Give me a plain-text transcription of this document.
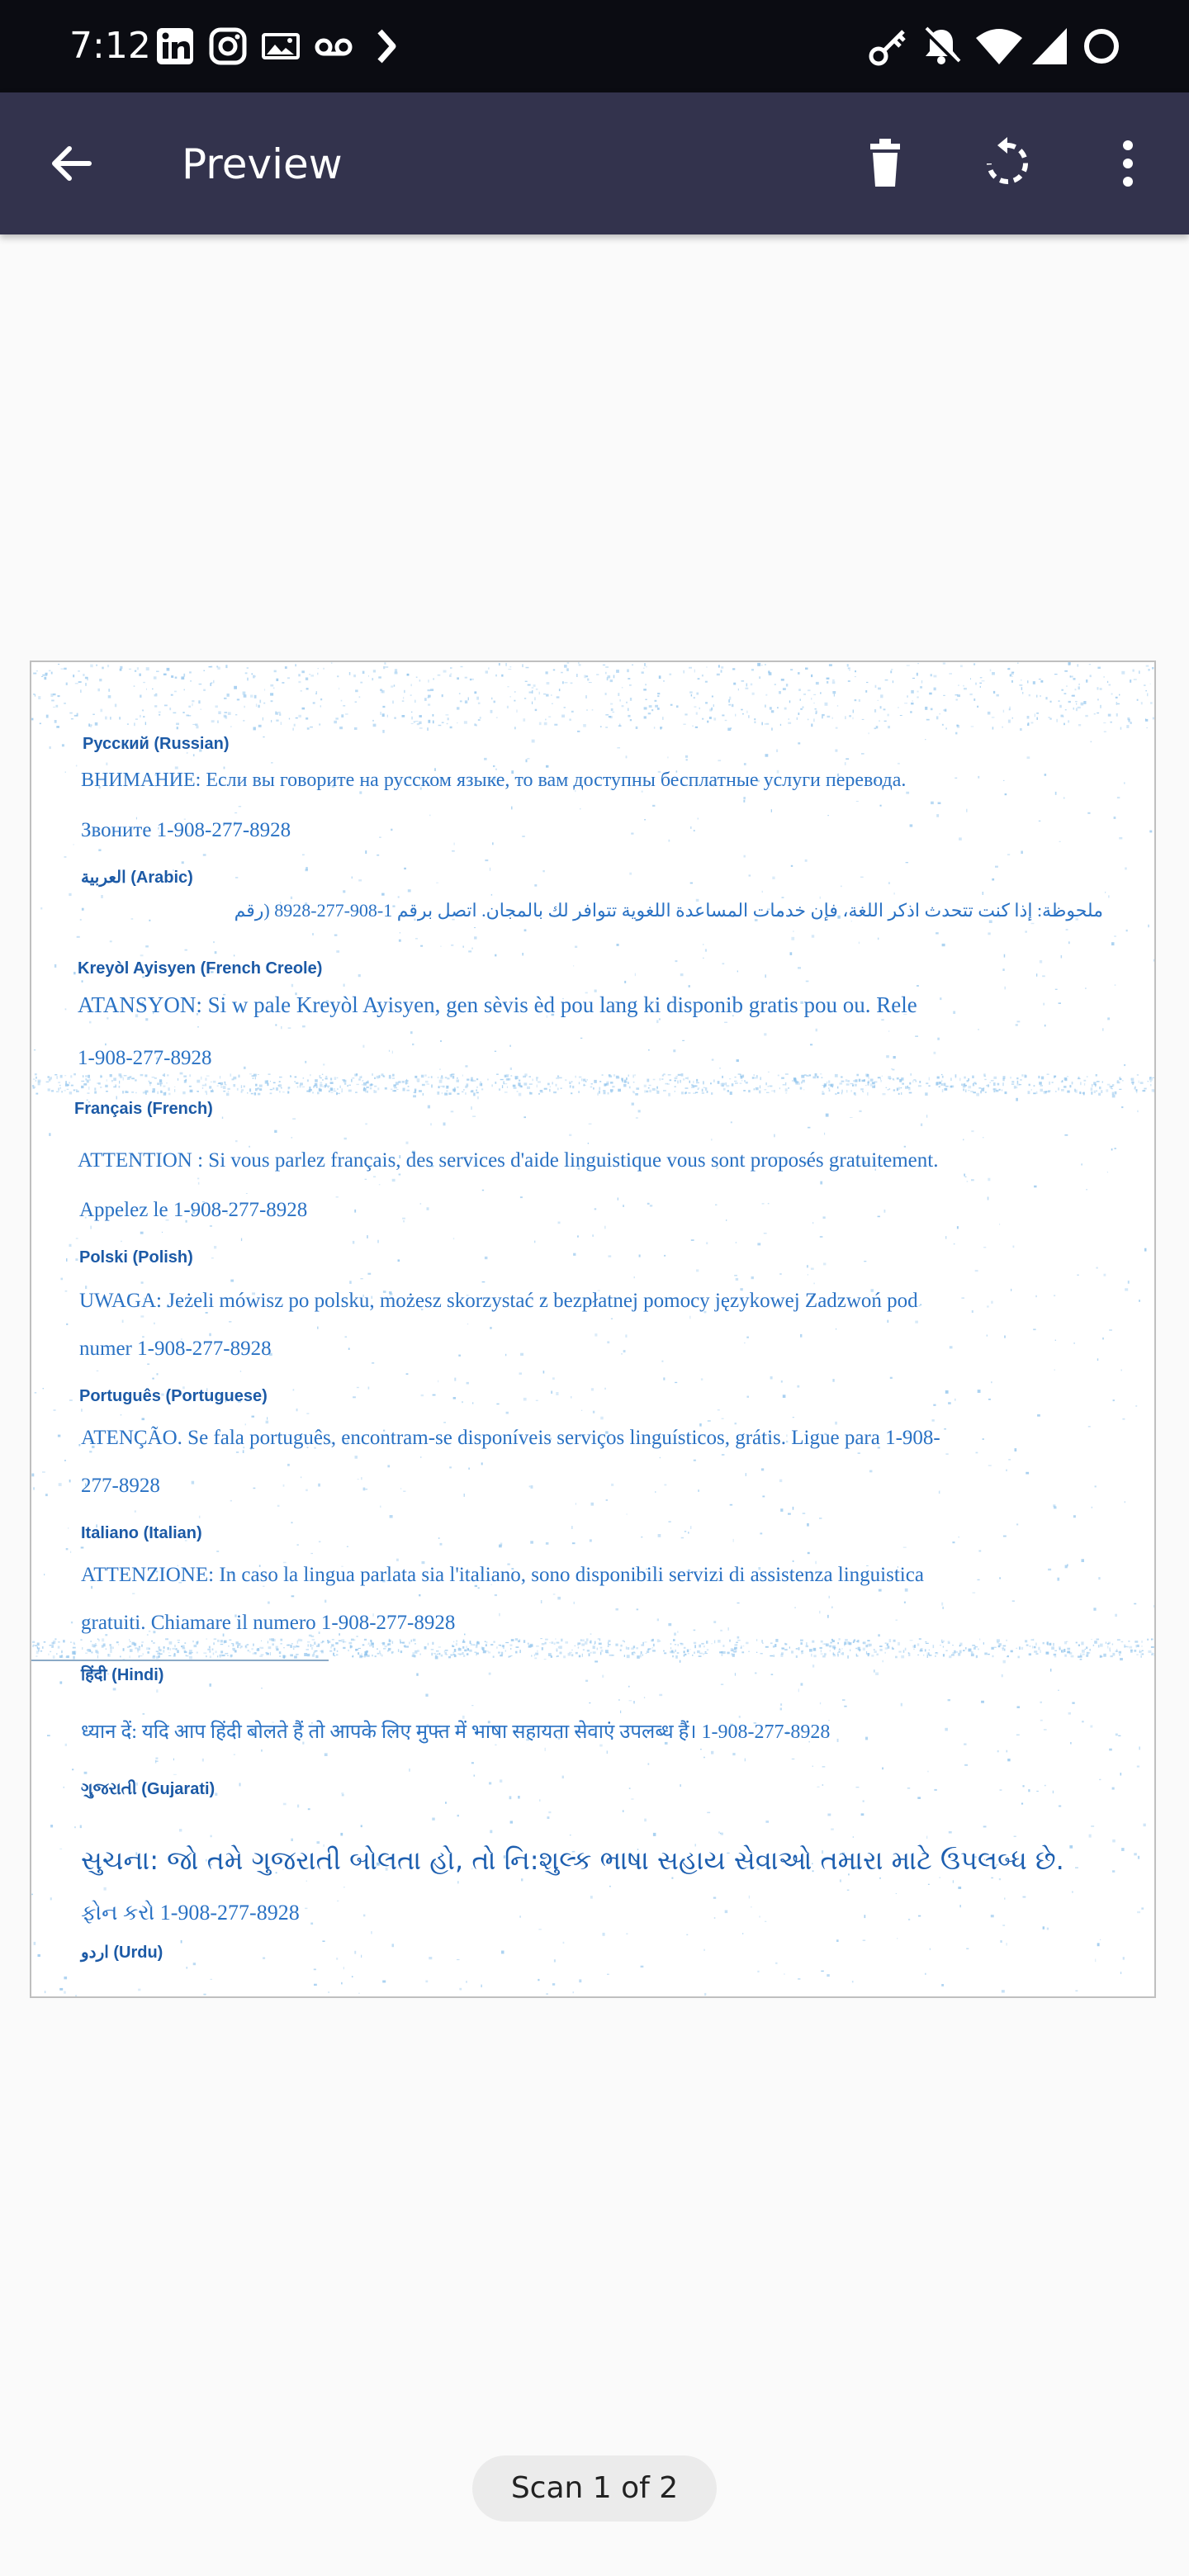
7:12
Preview
Русский (Russian)
ВНИМАНИЕ: Если вы говорите на русском языке, то вам доступны бесплатные услуги перевода.
Звоните 1-908-277-8928
العربية (Arabic)
ملحوظة: إذا كنت تتحدث اذكر اللغة، فإن خدمات المساعدة اللغوية تتوافر لك بالمجان. اتصل برقم 1-908-277-8928 (رقم
Kreyòl Ayisyen (French Creole)
ATANSYON: Si w pale Kreyòl Ayisyen, gen sèvis èd pou lang ki disponib gratis pou ou. Rele
1-908-277-8928
Français (French)
ATTENTION : Si vous parlez français, des services d'aide linguistique vous sont proposés gratuitement.
Appelez le 1-908-277-8928
Polski (Polish)
UWAGA: Jeżeli mówisz po polsku, możesz skorzystać z bezpłatnej pomocy językowej Zadzwoń pod
numer 1-908-277-8928
Português (Portuguese)
ATENÇÃO. Se fala português, encontram-se disponíveis serviços linguísticos, grátis. Ligue para 1-908-
277-8928
Italiano (Italian)
ATTENZIONE: In caso la lingua parlata sia l'italiano, sono disponibili servizi di assistenza linguistica
gratuiti. Chiamare il numero 1-908-277-8928
हिंदी (Hindi)
ध्यान दें: यदि आप हिंदी बोलते हैं तो आपके लिए मुफ्त में भाषा सहायता सेवाएं उपलब्ध हैं। 1-908-277-8928
ગુજરાતી (Gujarati)
સુચના: જો તમે ગુજરાતી બોલતા હો, તો નિ:શુલ્ક ભાષા સહાય સેવાઓ તમારા માટે ઉપલબ્ધ છે.
ફોન કરો 1-908-277-8928
اردو (Urdu)
Scan 1 of 2
